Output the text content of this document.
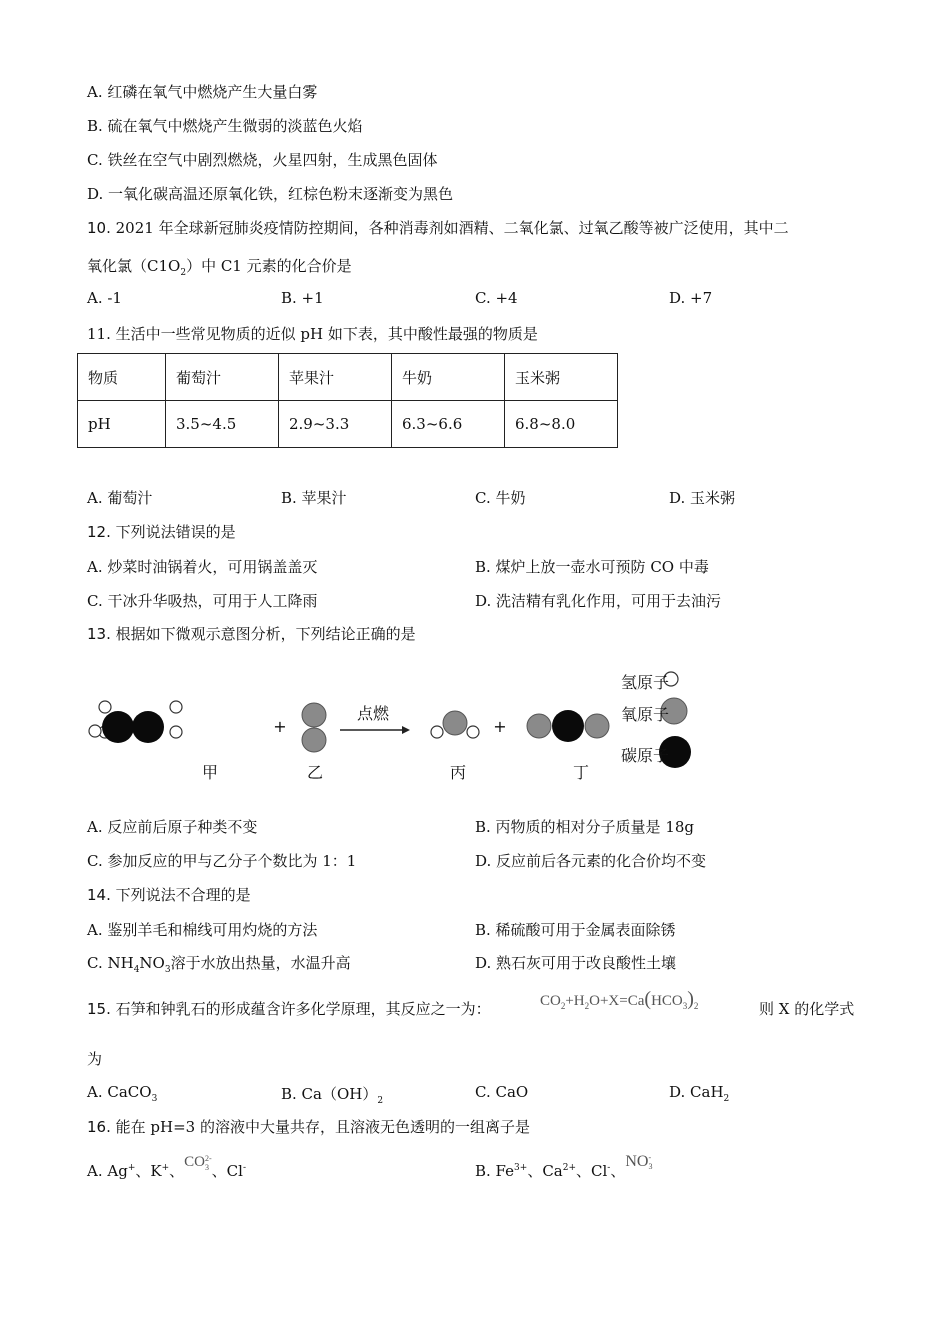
A. 红磷在氧气中燃烧产生大量白雾
B. 硫在氧气中燃烧产生微弱的淡蓝色火焰
C. 铁丝在空气中剧烈燃烧，火星四射，生成黑色固体
D. 一氧化碳高温还原氧化铁，红棕色粉末逐渐变为黑色
10. 2021 年全球新冠肺炎疫情防控期间，各种消毒剂如酒精、二氧化氯、过氧乙酸等被广泛使用，其中二
氧化氯$(C1O_2)$中 C1 元素的化合价是
A. -1	B. +1	C. +4	D. +7
11. 生活中一些常见物质的近似 pH 如下表，其中酸性最强的物质是
物质	葡萄汁	苹果汁	牛奶	玉米粥
pH	3.5~4.5	2.9~3.3	6.3~6.6	6.8~8.0
A. 葡萄汁	B. 苹果汁	C. 牛奶	D. 玉米粥
12. 下列说法错误的是
A. 炒菜时油锅着火，可用锅盖盖灭	B. 煤炉上放一壶水可预防 CO 中毒
C. 干冰升华吸热，可用于人工降雨	D. 洗洁精有乳化作用，可用于去油污
13. 根据如下微观示意图分析，下列结论正确的是
+
点燃
+
甲	乙	丙	丁
氢原子
氧原子
碳原子
A. 反应前后原子种类不变	B. 丙物质的相对分子质量是 18g
C. 参加反应的甲与乙分子个数比为 1：1	D. 反应前后各元素的化合价均不变
14. 下列说法不合理的是
A. 鉴别羊毛和棉线可用灼烧的方法	B. 稀硫酸可用于金属表面除锈
C. $NH_4NO_3$溶于水放出热量，水温升高	D. 熟石灰可用于改良酸性土壤
15. 石笋和钟乳石的形成蕴含许多化学原理，其反应之一为：	$CO_2+H_2O+X=Ca(HCO_3)_2$	则 X 的化学式
为
A. CaCO$_3$	B. $Ca(OH)_2$	C. CaO	D. CaH$_2$
16. 能在 pH=3 的溶液中大量共存，且溶液无色透明的一组离子是
A. Ag+、K+、CO 2-
3 、Cl-	B. $Fe^{3+}$、$Ca^{2+}$、Cl-、NO -
3
